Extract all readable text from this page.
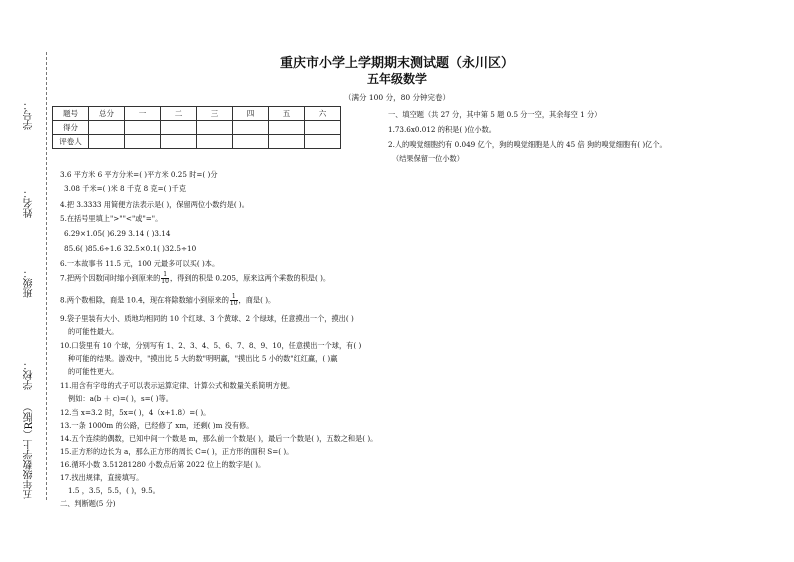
学号：
姓名：
班级：
学校：
五年级数学上（R版）
重庆市小学上学期期末测试题（永川区）
五年级数学
（满分 100 分，80 分钟完卷）
题号	总分	一	二	三	四	五	六
得分							
评卷人							
一、填空题（共 27 分，其中第 5 题 0.5 分一空，其余每空 1 分）
1.73.6x0.012 的积是( )位小数。
2.人的嗅觉细胞约有 0.049 亿个，狗的嗅觉细胞是人的 45 倍 狗的嗅觉细胞有( )亿个。
（结果保留一位小数）
3.6 平方米 6 平方分米=( )平方米 0.25 时=( )分
3.08 千米=( )米 8 千克 8 克=( )千克
4.把 3.3333 用简便方法表示是( )，保留两位小数约是( )。
5.在括号里填上">""<"或"="。
6.29×1.05( )6.29 3.14 ( )3.14
85.6( )85.6÷1.6 32.5×0.1( )32.5÷10
6.一本故事书 11.5 元，100 元最多可以买( )本。
7.把两个因数同时缩小到原来的 $\frac{1}{10}$ ，得到的积是 0.205，原来这两个乘数的积是( )。
8.两个数相除，商是 10.4，现在将除数缩小到原来的 $\frac{1}{10}$ ，商是( )。
9.袋子里装有大小、质地均相同的 10 个红球、3 个黄球、2 个绿球，任意摸出一个，摸出( )
的可能性最大。
10.口袋里有 10 个球，分别写有 1、2、3、4、5、6、7、8、9、10，任意摸出一个球，有( )
种可能的结果。游戏中，"摸出比 5 大的数"明明赢，"摸出比 5 小的数"红红赢，( )赢
的可能性更大。
11.用含有字母的式子可以表示运算定律、计算公式和数量关系简明方便。
例如：a(b ＋ c)=( )，s=( )等。
12.当 x=3.2 时，5x=( )，4（x+1.8）=( )。
13.一条 1000m 的公路，已经修了 xm，还剩( )m 没有修。
14.五个连续的偶数，已知中间一个数是 m，那么前一个数是( )，最后一个数是( )，五数之和是( )。
15.正方形的边长为 a，那么正方形的周长 C=( )，正方形的面积 S=( )。
16.循环小数 3.51281280 小数点后第 2022 位上的数字是( )。
17.找出规律，直接填写。
1.5 ，3.5，5.5，( )，9.5。
二、判断题(5 分)
